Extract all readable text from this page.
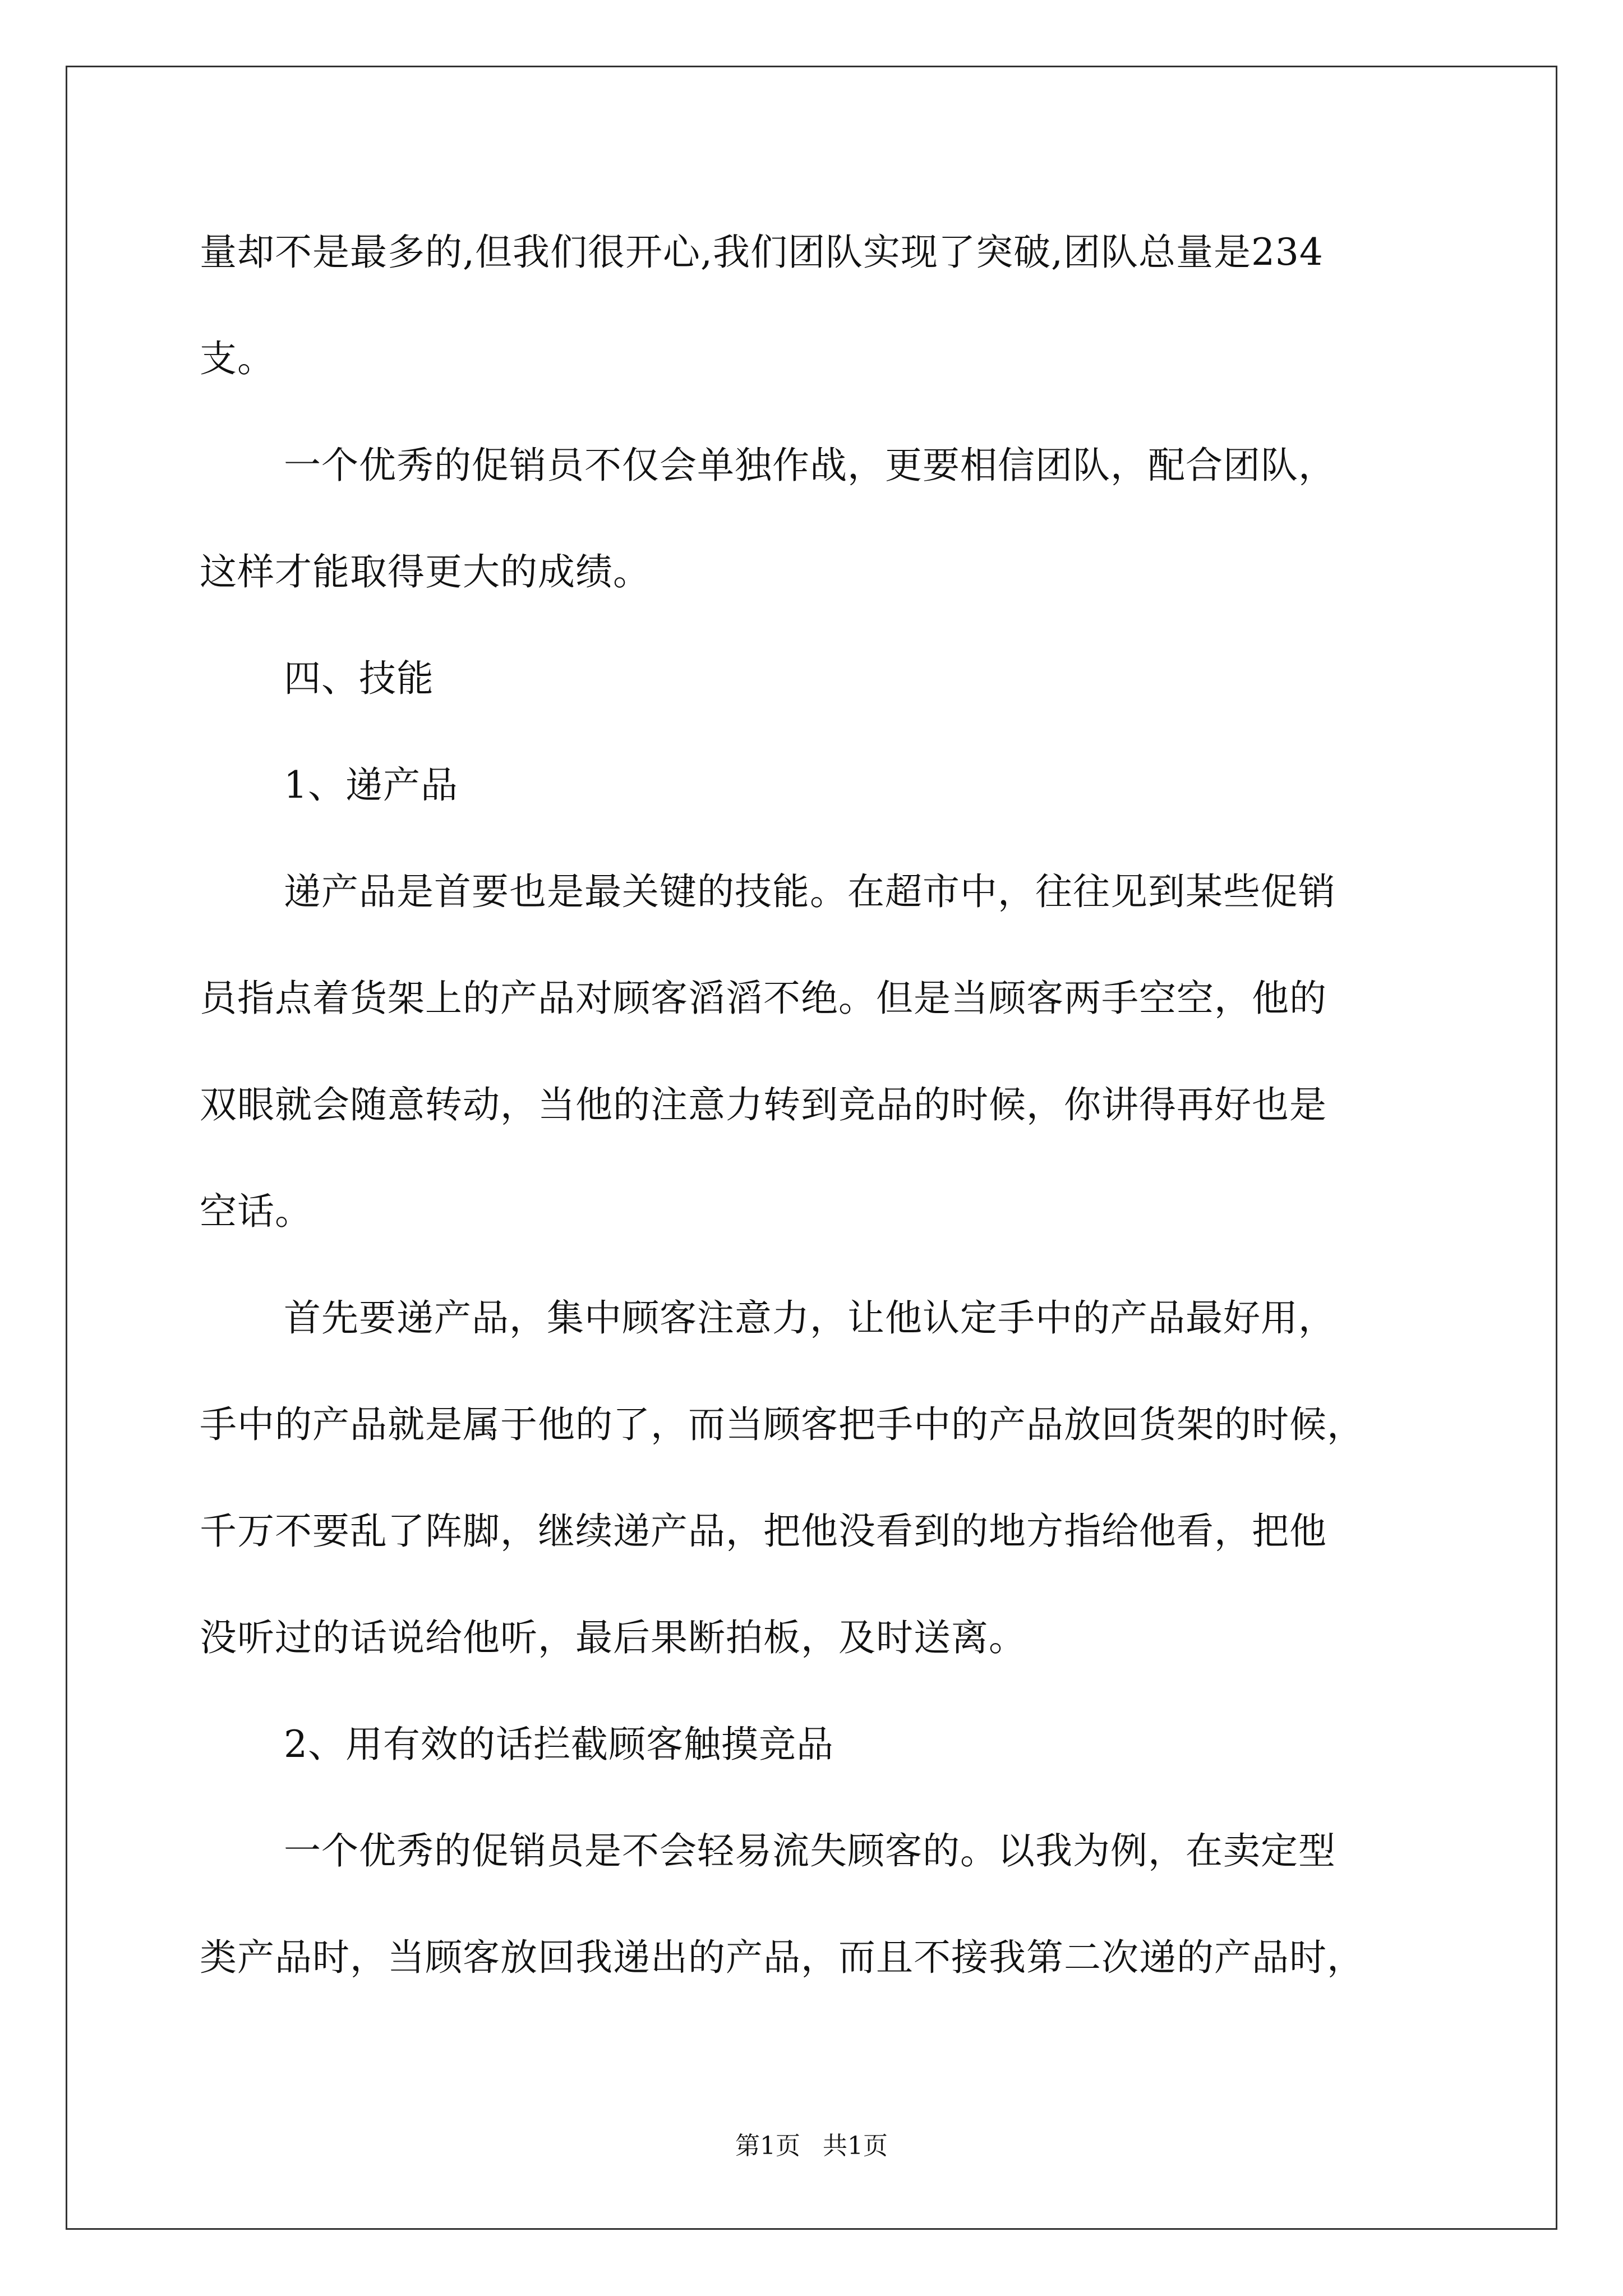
量却不是最多的,但我们很开心,我们团队实现了突破,团队总量是234
支。
一个优秀的促销员不仅会单独作战，更要相信团队，配合团队，
这样才能取得更大的成绩。
四、技能
1、递产品
递产品是首要也是最关键的技能。在超市中，往往见到某些促销
员指点着货架上的产品对顾客滔滔不绝。但是当顾客两手空空，他的
双眼就会随意转动，当他的注意力转到竞品的时候，你讲得再好也是
空话。
首先要递产品，集中顾客注意力，让他认定手中的产品最好用，
手中的产品就是属于他的了，而当顾客把手中的产品放回货架的时候，
千万不要乱了阵脚，继续递产品，把他没看到的地方指给他看，把他
没听过的话说给他听，最后果断拍板，及时送离。
2、用有效的话拦截顾客触摸竞品
一个优秀的促销员是不会轻易流失顾客的。以我为例，在卖定型
类产品时，当顾客放回我递出的产品，而且不接我第二次递的产品时，
第1页 共1页
